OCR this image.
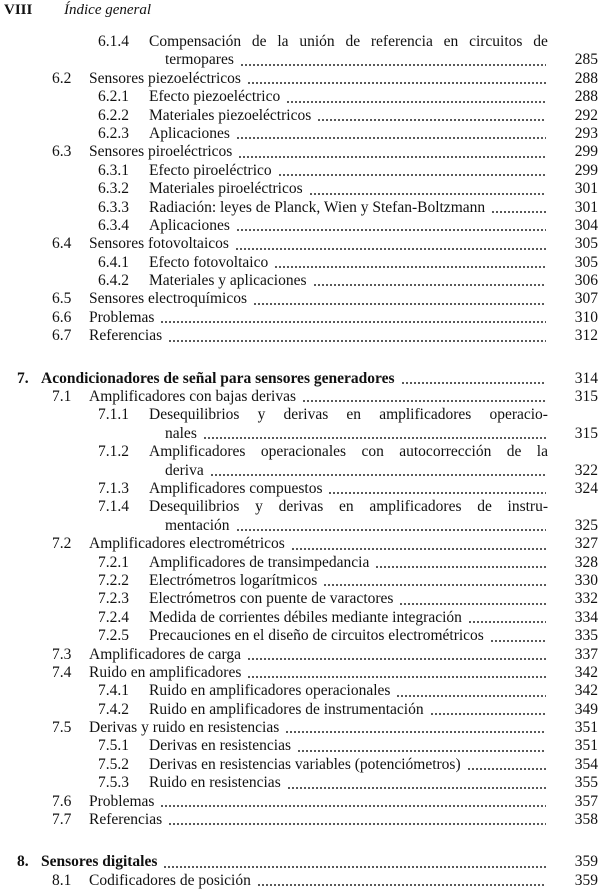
VIII Índice general
6.1.4 Compensación de la unión de referencia en circuitos de
termopares	285
6.2 Sensores piezoeléctricos	288
6.2.1 Efecto piezoeléctrico	288
6.2.2 Materiales piezoeléctricos	292
6.2.3 Aplicaciones	293
6.3 Sensores piroeléctricos	299
6.3.1 Efecto piroeléctrico	299
6.3.2 Materiales piroeléctricos	301
6.3.3 Radiación: leyes de Planck, Wien y Stefan-Boltzmann	301
6.3.4 Aplicaciones	304
6.4 Sensores fotovoltaicos	305
6.4.1 Efecto fotovoltaico	305
6.4.2 Materiales y aplicaciones	306
6.5 Sensores electroquímicos	307
6.6 Problemas	310
6.7 Referencias	312
7. Acondicionadores de señal para sensores generadores	314
7.1 Amplificadores con bajas derivas	315
7.1.1 Desequilibrios y derivas en amplificadores operacio-
nales	315
7.1.2 Amplificadores operacionales con autocorrección de la
deriva	322
7.1.3 Amplificadores compuestos	324
7.1.4 Desequilibrios y derivas en amplificadores de instru-
mentación	325
7.2 Amplificadores electrométricos	327
7.2.1 Amplificadores de transimpedancia	328
7.2.2 Electrómetros logarítmicos	330
7.2.3 Electrómetros con puente de varactores	332
7.2.4 Medida de corrientes débiles mediante integración	334
7.2.5 Precauciones en el diseño de circuitos electrométricos	335
7.3 Amplificadores de carga	337
7.4 Ruido en amplificadores	342
7.4.1 Ruido en amplificadores operacionales	342
7.4.2 Ruido en amplificadores de instrumentación	349
7.5 Derivas y ruido en resistencias	351
7.5.1 Derivas en resistencias	351
7.5.2 Derivas en resistencias variables (potenciómetros)	354
7.5.3 Ruido en resistencias	355
7.6 Problemas	357
7.7 Referencias	358
8. Sensores digitales	359
8.1 Codificadores de posición	359
